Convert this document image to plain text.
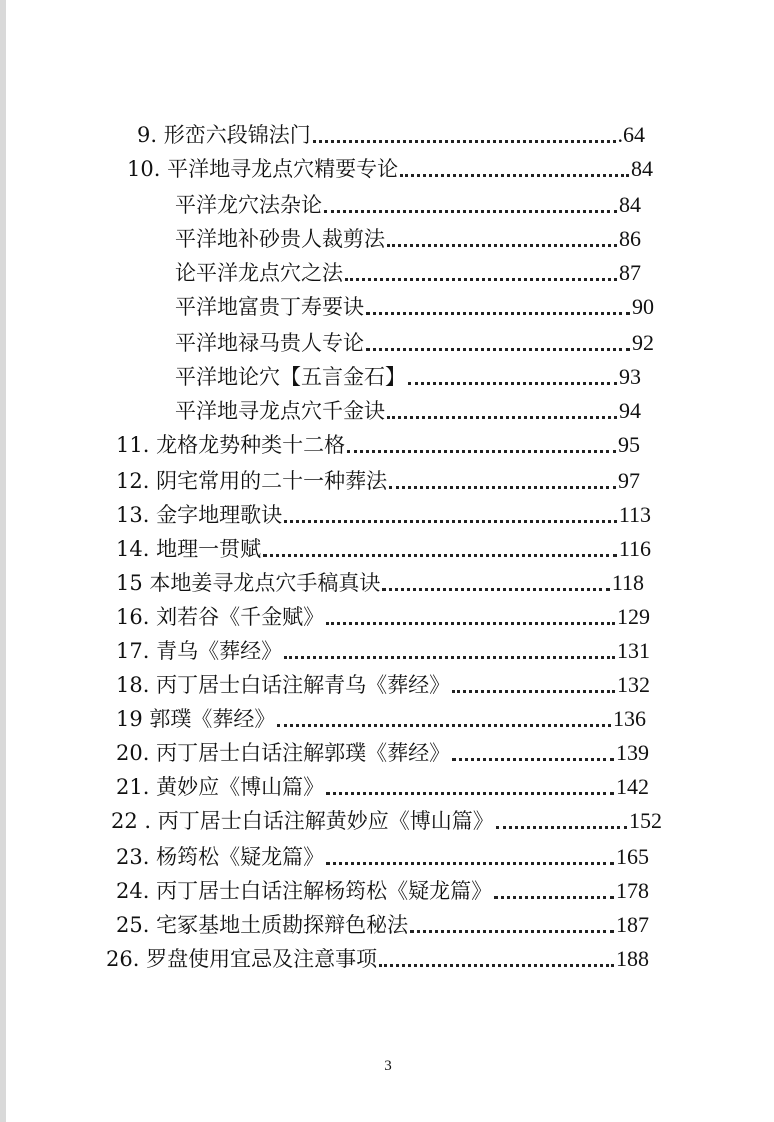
9. 形峦六段锦法门	.64
10. 平洋地寻龙点穴精要专论	84
平洋龙穴法杂论	84
平洋地补砂贵人裁剪法	86
论平洋龙点穴之法	87
平洋地富贵丁寿要诀	90
平洋地禄马贵人专论	92
平洋地论穴【五言金石】	93
平洋地寻龙点穴千金诀	94
11. 龙格龙势种类十二格	95
12. 阴宅常用的二十一种葬法	97
13. 金字地理歌诀	113
14. 地理一贯赋	116
15 本地姜寻龙点穴手稿真诀	118
16. 刘若谷《千金赋》	129
17. 青乌《葬经》	131
18. 丙丁居士白话注解青乌《葬经》	132
19 郭璞《葬经》	136
20. 丙丁居士白话注解郭璞《葬经》	139
21. 黄妙应《博山篇》	142
22 . 丙丁居士白话注解黄妙应《博山篇》	152
23. 杨筠松《疑龙篇》	165
24. 丙丁居士白话注解杨筠松《疑龙篇》	178
25. 宅冢基地土质勘探辩色秘法	187
26. 罗盘使用宜忌及注意事项	188
3
